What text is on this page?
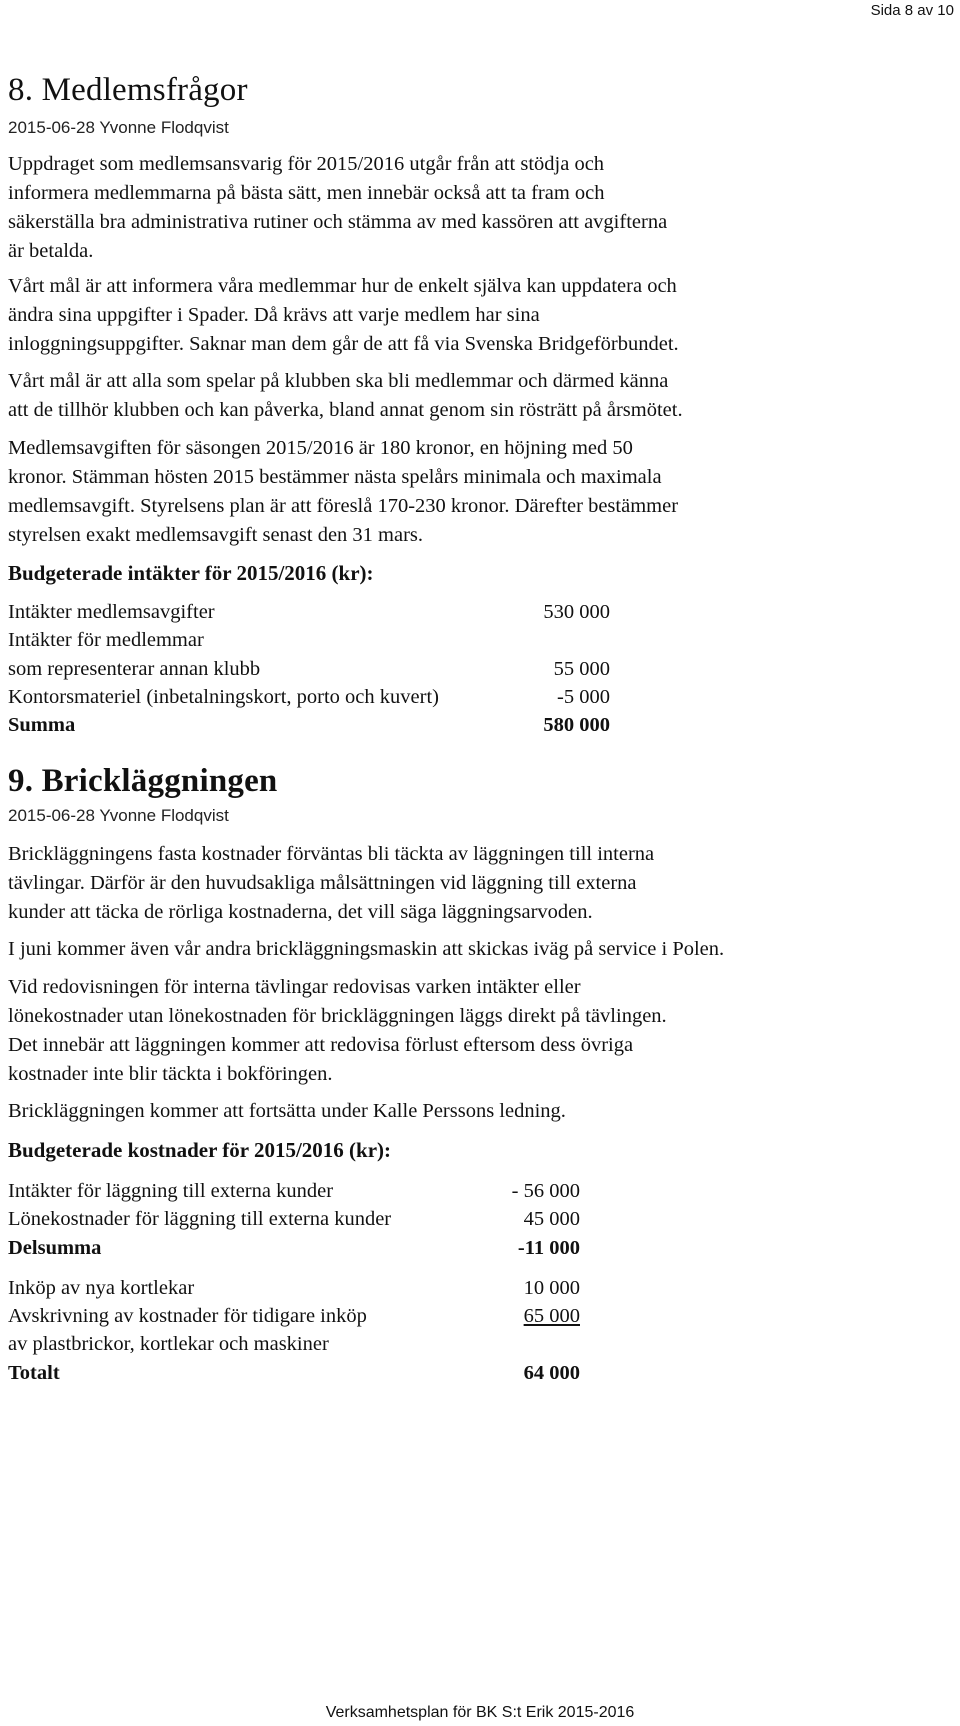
Sida 8 av 10
8. Medlemsfrågor
2015-06-28 Yvonne Flodqvist

Uppdraget som medlemsansvarig för 2015/2016 utgår från att stödja och

informera medlemmarna på bästa sätt, men innebär också att ta fram och

säkerställa bra administrativa rutiner och stämma av med kassören att avgifterna

är betalda.

Vårt mål är att informera våra medlemmar hur de enkelt själva kan uppdatera och

ändra sina uppgifter i Spader. Då krävs att varje medlem har sina

inloggningsuppgifter. Saknar man dem går de att få via Svenska Bridgeförbundet.

Vårt mål är att alla som spelar på klubben ska bli medlemmar och därmed känna

att de tillhör klubben och kan påverka, bland annat genom sin rösträtt på årsmötet.

Medlemsavgiften för säsongen 2015/2016 är 180 kronor, en höjning med 50

kronor. Stämman hösten 2015 bestämmer nästa spelårs minimala och maximala

medlemsavgift. Styrelsens plan är att föreslå 170-230 kronor. Därefter bestämmer

styrelsen exakt medlemsavgift senast den 31 mars.

Budgeterade intäkter för 2015/2016 (kr):
Intäkter medlemsavgifter	530 000
Intäkter för medlemmar
som representerar annan klubb	55 000
Kontorsmateriel (inbetalningskort, porto och kuvert)	-5 000
Summa	580 000
9. Brickläggningen
2015-06-28 Yvonne Flodqvist

Brickläggningens fasta kostnader förväntas bli täckta av läggningen till interna

tävlingar. Därför är den huvudsakliga målsättningen vid läggning till externa

kunder att täcka de rörliga kostnaderna, det vill säga läggningsarvoden.

I juni kommer även vår andra brickläggningsmaskin att skickas iväg på service i Polen.

Vid redovisningen för interna tävlingar redovisas varken intäkter eller

lönekostnader utan lönekostnaden för brickläggningen läggs direkt på tävlingen.

Det innebär att läggningen kommer att redovisa förlust eftersom dess övriga

kostnader inte blir täckta i bokföringen.

Brickläggningen kommer att fortsätta under Kalle Perssons ledning.

Budgeterade kostnader för 2015/2016 (kr):
Intäkter för läggning till externa kunder	- 56 000
Lönekostnader för läggning till externa kunder	45 000
Delsumma	-11 000
Inköp av nya kortlekar	10 000
Avskrivning av kostnader för tidigare inköp	65 000
av plastbrickor, kortlekar och maskiner
Totalt	64 000
Verksamhetsplan för BK S:t Erik 2015-2016
